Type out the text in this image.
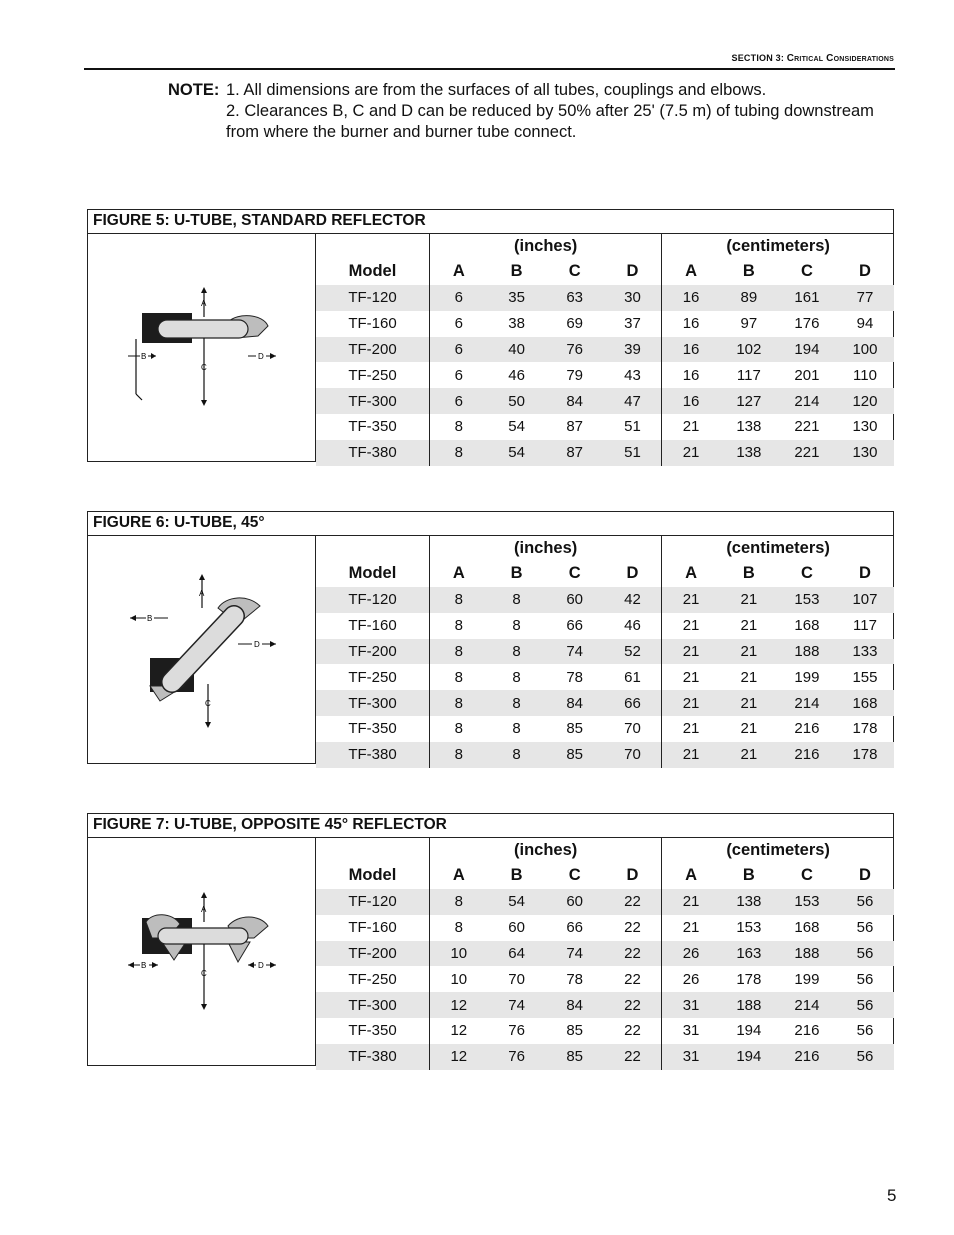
SECTION 3: Critical Considerations
NOTE: 1. All dimensions are from the surfaces of all tubes, couplings and elbows.
2. Clearances B, C and D can be reduced by 50% after 25' (7.5 m) of tubing downstream from where the burner and burner tube connect.
FIGURE 5: U-TUBE, STANDARD REFLECTOR
A
B
C
D
	(inches)				(centimeters)			
Model	A	B	C	D	A	B	C	D
TF-120	6	35	63	30	16	89	161	77
TF-160	6	38	69	37	16	97	176	94
TF-200	6	40	76	39	16	102	194	100
TF-250	6	46	79	43	16	117	201	110
TF-300	6	50	84	47	16	127	214	120
TF-350	8	54	87	51	21	138	221	130
TF-380	8	54	87	51	21	138	221	130
FIGURE 6: U-TUBE, 45°
A
B
D
C
	(inches)				(centimeters)			
Model	A	B	C	D	A	B	C	D
TF-120	8	8	60	42	21	21	153	107
TF-160	8	8	66	46	21	21	168	117
TF-200	8	8	74	52	21	21	188	133
TF-250	8	8	78	61	21	21	199	155
TF-300	8	8	84	66	21	21	214	168
TF-350	8	8	85	70	21	21	216	178
TF-380	8	8	85	70	21	21	216	178
FIGURE 7: U-TUBE, OPPOSITE 45° REFLECTOR
A
B
C
D
	(inches)				(centimeters)			
Model	A	B	C	D	A	B	C	D
TF-120	8	54	60	22	21	138	153	56
TF-160	8	60	66	22	21	153	168	56
TF-200	10	64	74	22	26	163	188	56
TF-250	10	70	78	22	26	178	199	56
TF-300	12	74	84	22	31	188	214	56
TF-350	12	76	85	22	31	194	216	56
TF-380	12	76	85	22	31	194	216	56
5
